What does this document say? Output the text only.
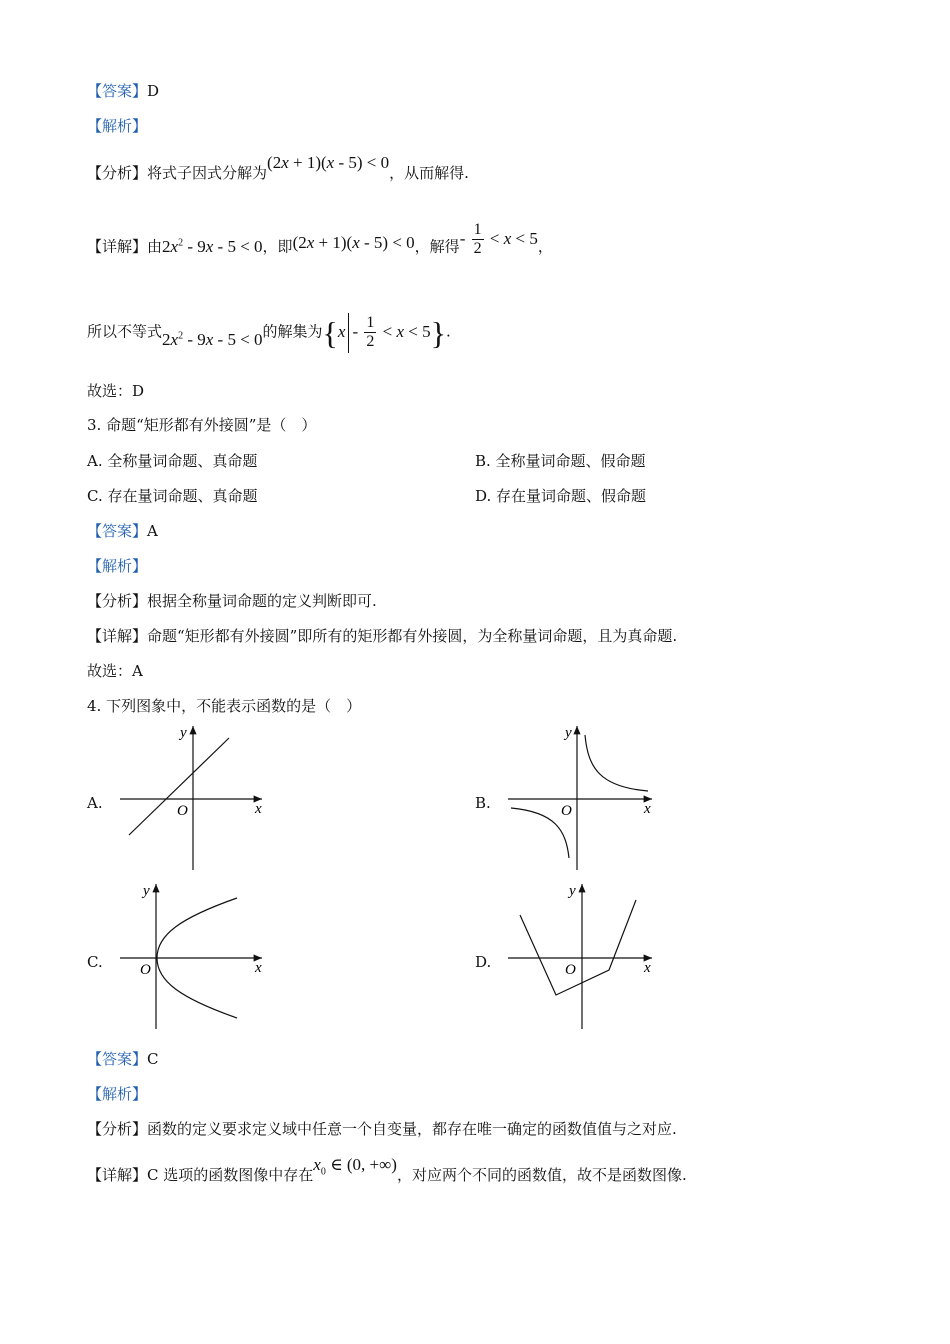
【答案】D
【解析】
【分析】将式子因式分解为(2x + 1)(x - 5) < 0，从而解得.
【详解】由$2x^2 - 9x - 5 < 0$，即(2x + 1)(x - 5) < 0，解得- $\frac{1}{2} < x < 5$，
所以不等式$2x^2 - 9x - 5 < 0$的解集为$\{x - \frac{1}{2} < x < 5\}$.
故选：D
3. 命题“矩形都有外接圆”是（　）
A. 全称量词命题、真命题	B. 全称量词命题、假命题
C. 存在量词命题、真命题	D. 存在量词命题、假命题
【答案】A
【解析】
【分析】根据全称量词命题的定义判断即可.
【详解】命题“矩形都有外接圆”即所有的矩形都有外接圆，为全称量词命题，且为真命题.
故选：A
4. 下列图象中，不能表示函数的是（　）
A.	B.
C.	D.
x
y
O	x
y
O
x
y
O	x
y
O
【答案】C
【解析】
【分析】函数的定义要求定义域中任意一个自变量，都存在唯一确定的函数值值与之对应.
【详解】C 选项的函数图像中存在$x_0$ ∈ (0, +∞)，对应两个不同的函数值，故不是函数图像.
